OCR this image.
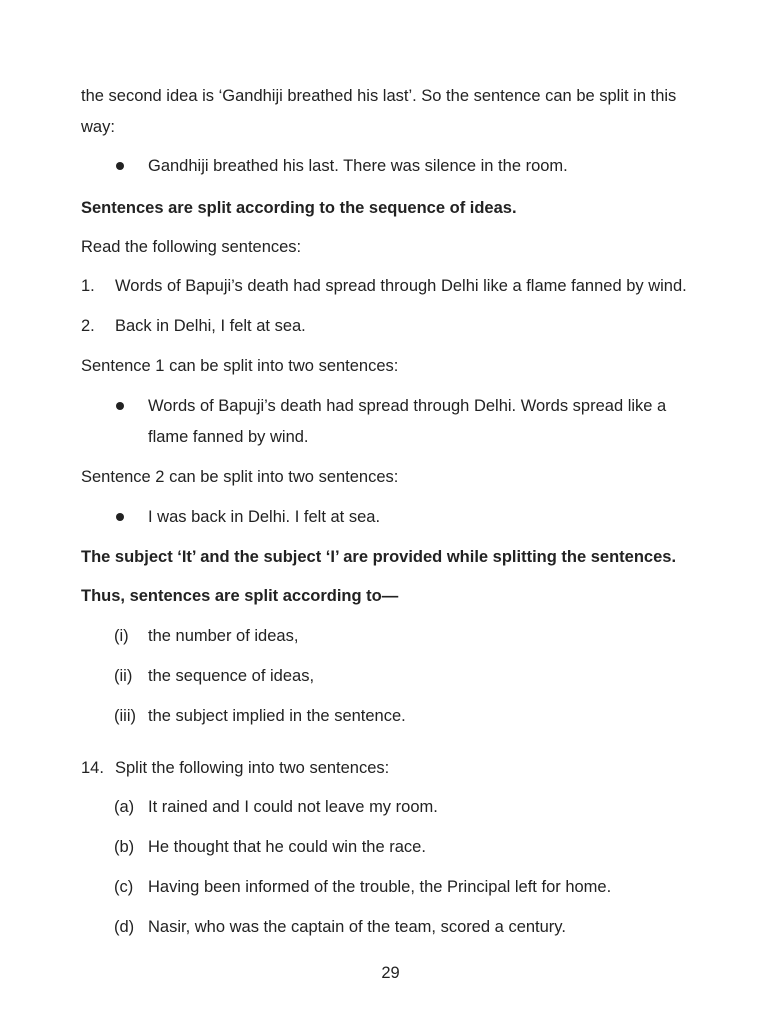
the second idea is ‘Gandhiji breathed his last’. So the sentence can be split in this
way:
Gandhiji breathed his last. There was silence in the room.
Sentences are split according to the sequence of ideas.
Read the following sentences:
1. Words of Bapuji’s death had spread through Delhi like a flame fanned by wind.
2. Back in Delhi, I felt at sea.
Sentence 1 can be split into two sentences:
Words of Bapuji’s death had spread through Delhi. Words spread like a
flame fanned by wind.
Sentence 2 can be split into two sentences:
I was back in Delhi. I felt at sea.
The subject ‘It’ and the subject ‘I’ are provided while splitting the sentences.
Thus, sentences are split according to—
(i) the number of ideas,
(ii) the sequence of ideas,
(iii) the subject implied in the sentence.
14. Split the following into two sentences:
(a) It rained and I could not leave my room.
(b) He thought that he could win the race.
(c) Having been informed of the trouble, the Principal left for home.
(d) Nasir, who was the captain of the team, scored a century.
29
